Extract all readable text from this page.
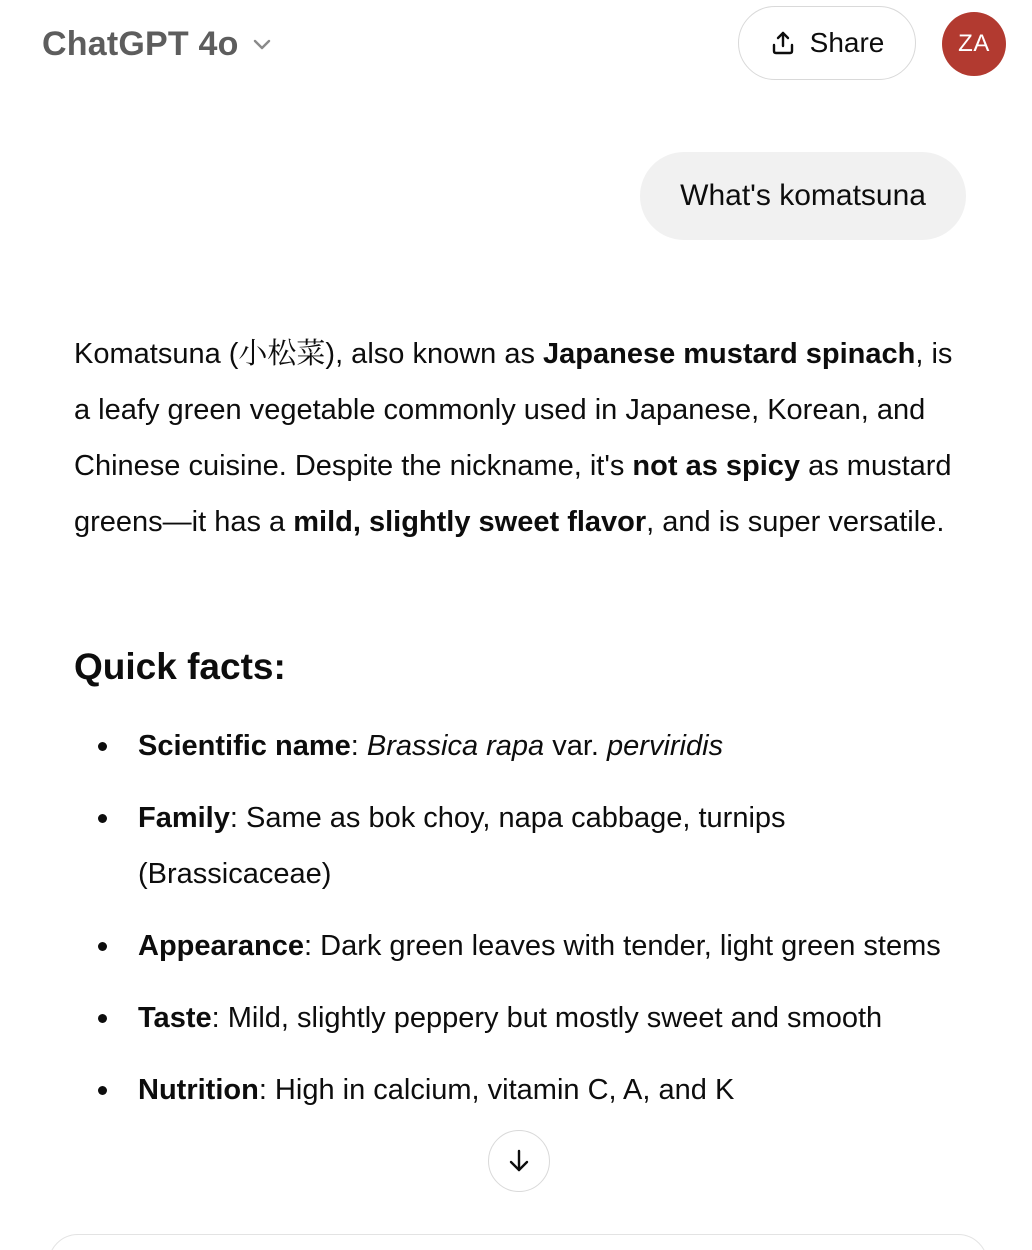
ChatGPT 4o	Share	ZA
What's komatsuna

Komatsuna (小松菜), also known as Japanese mustard spinach, is a leafy green vegetable commonly used in Japanese, Korean, and Chinese cuisine. Despite the nickname, it's not as spicy as mustard greens—it has a mild, slightly sweet flavor, and is super versatile.

Quick facts:
Scientific name: Brassica rapa var. perviridis
Family: Same as bok choy, napa cabbage, turnips (Brassicaceae)
Appearance: Dark green leaves with tender, light green stems
Taste: Mild, slightly peppery but mostly sweet and smooth
Nutrition: High in calcium, vitamin C, A, and K
